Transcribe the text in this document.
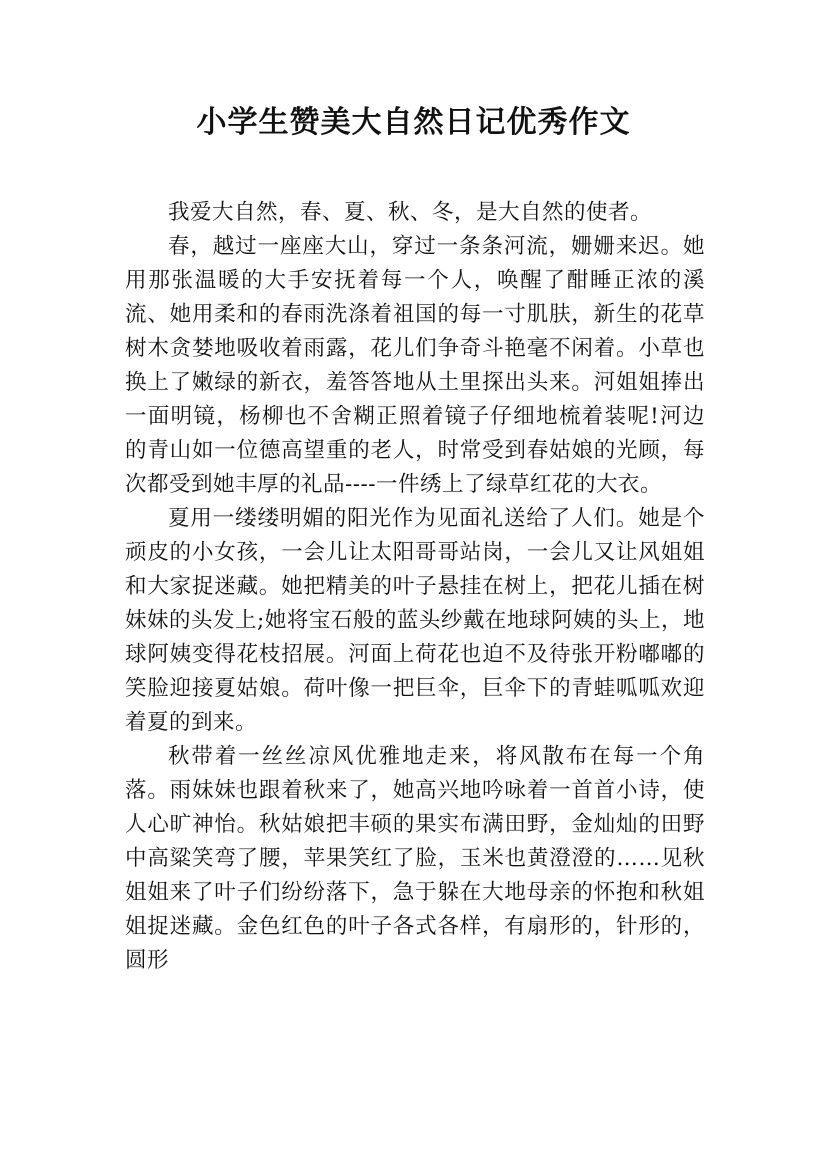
小学生赞美大自然日记优秀作文

我爱大自然，春、夏、秋、冬，是大自然的使者。

春，越过一座座大山，穿过一条条河流，姗姗来迟。她用那张温暖的大手安抚着每一个人，唤醒了酣睡正浓的溪流、她用柔和的春雨洗涤着祖国的每一寸肌肤，新生的花草树木贪婪地吸收着雨露，花儿们争奇斗艳毫不闲着。小草也换上了嫩绿的新衣，羞答答地从土里探出头来。河姐姐捧出一面明镜，杨柳也不舍糊正照着镜子仔细地梳着装呢!河边的青山如一位德高望重的老人，时常受到春姑娘的光顾，每次都受到她丰厚的礼品----一件绣上了绿草红花的大衣。

夏用一缕缕明媚的阳光作为见面礼送给了人们。她是个顽皮的小女孩，一会儿让太阳哥哥站岗，一会儿又让风姐姐和大家捉迷藏。她把精美的叶子悬挂在树上，把花儿插在树妹妹的头发上;她将宝石般的蓝头纱戴在地球阿姨的头上，地球阿姨变得花枝招展。河面上荷花也迫不及待张开粉嘟嘟的笑脸迎接夏姑娘。荷叶像一把巨伞，巨伞下的青蛙呱呱欢迎着夏的到来。

秋带着一丝丝凉风优雅地走来，将风散布在每一个角落。雨妹妹也跟着秋来了，她高兴地吟咏着一首首小诗，使人心旷神怡。秋姑娘把丰硕的果实布满田野，金灿灿的田野中高粱笑弯了腰，苹果笑红了脸，玉米也黄澄澄的……见秋姐姐来了叶子们纷纷落下，急于躲在大地母亲的怀抱和秋姐姐捉迷藏。金色红色的叶子各式各样，有扇形的，针形的，圆形
